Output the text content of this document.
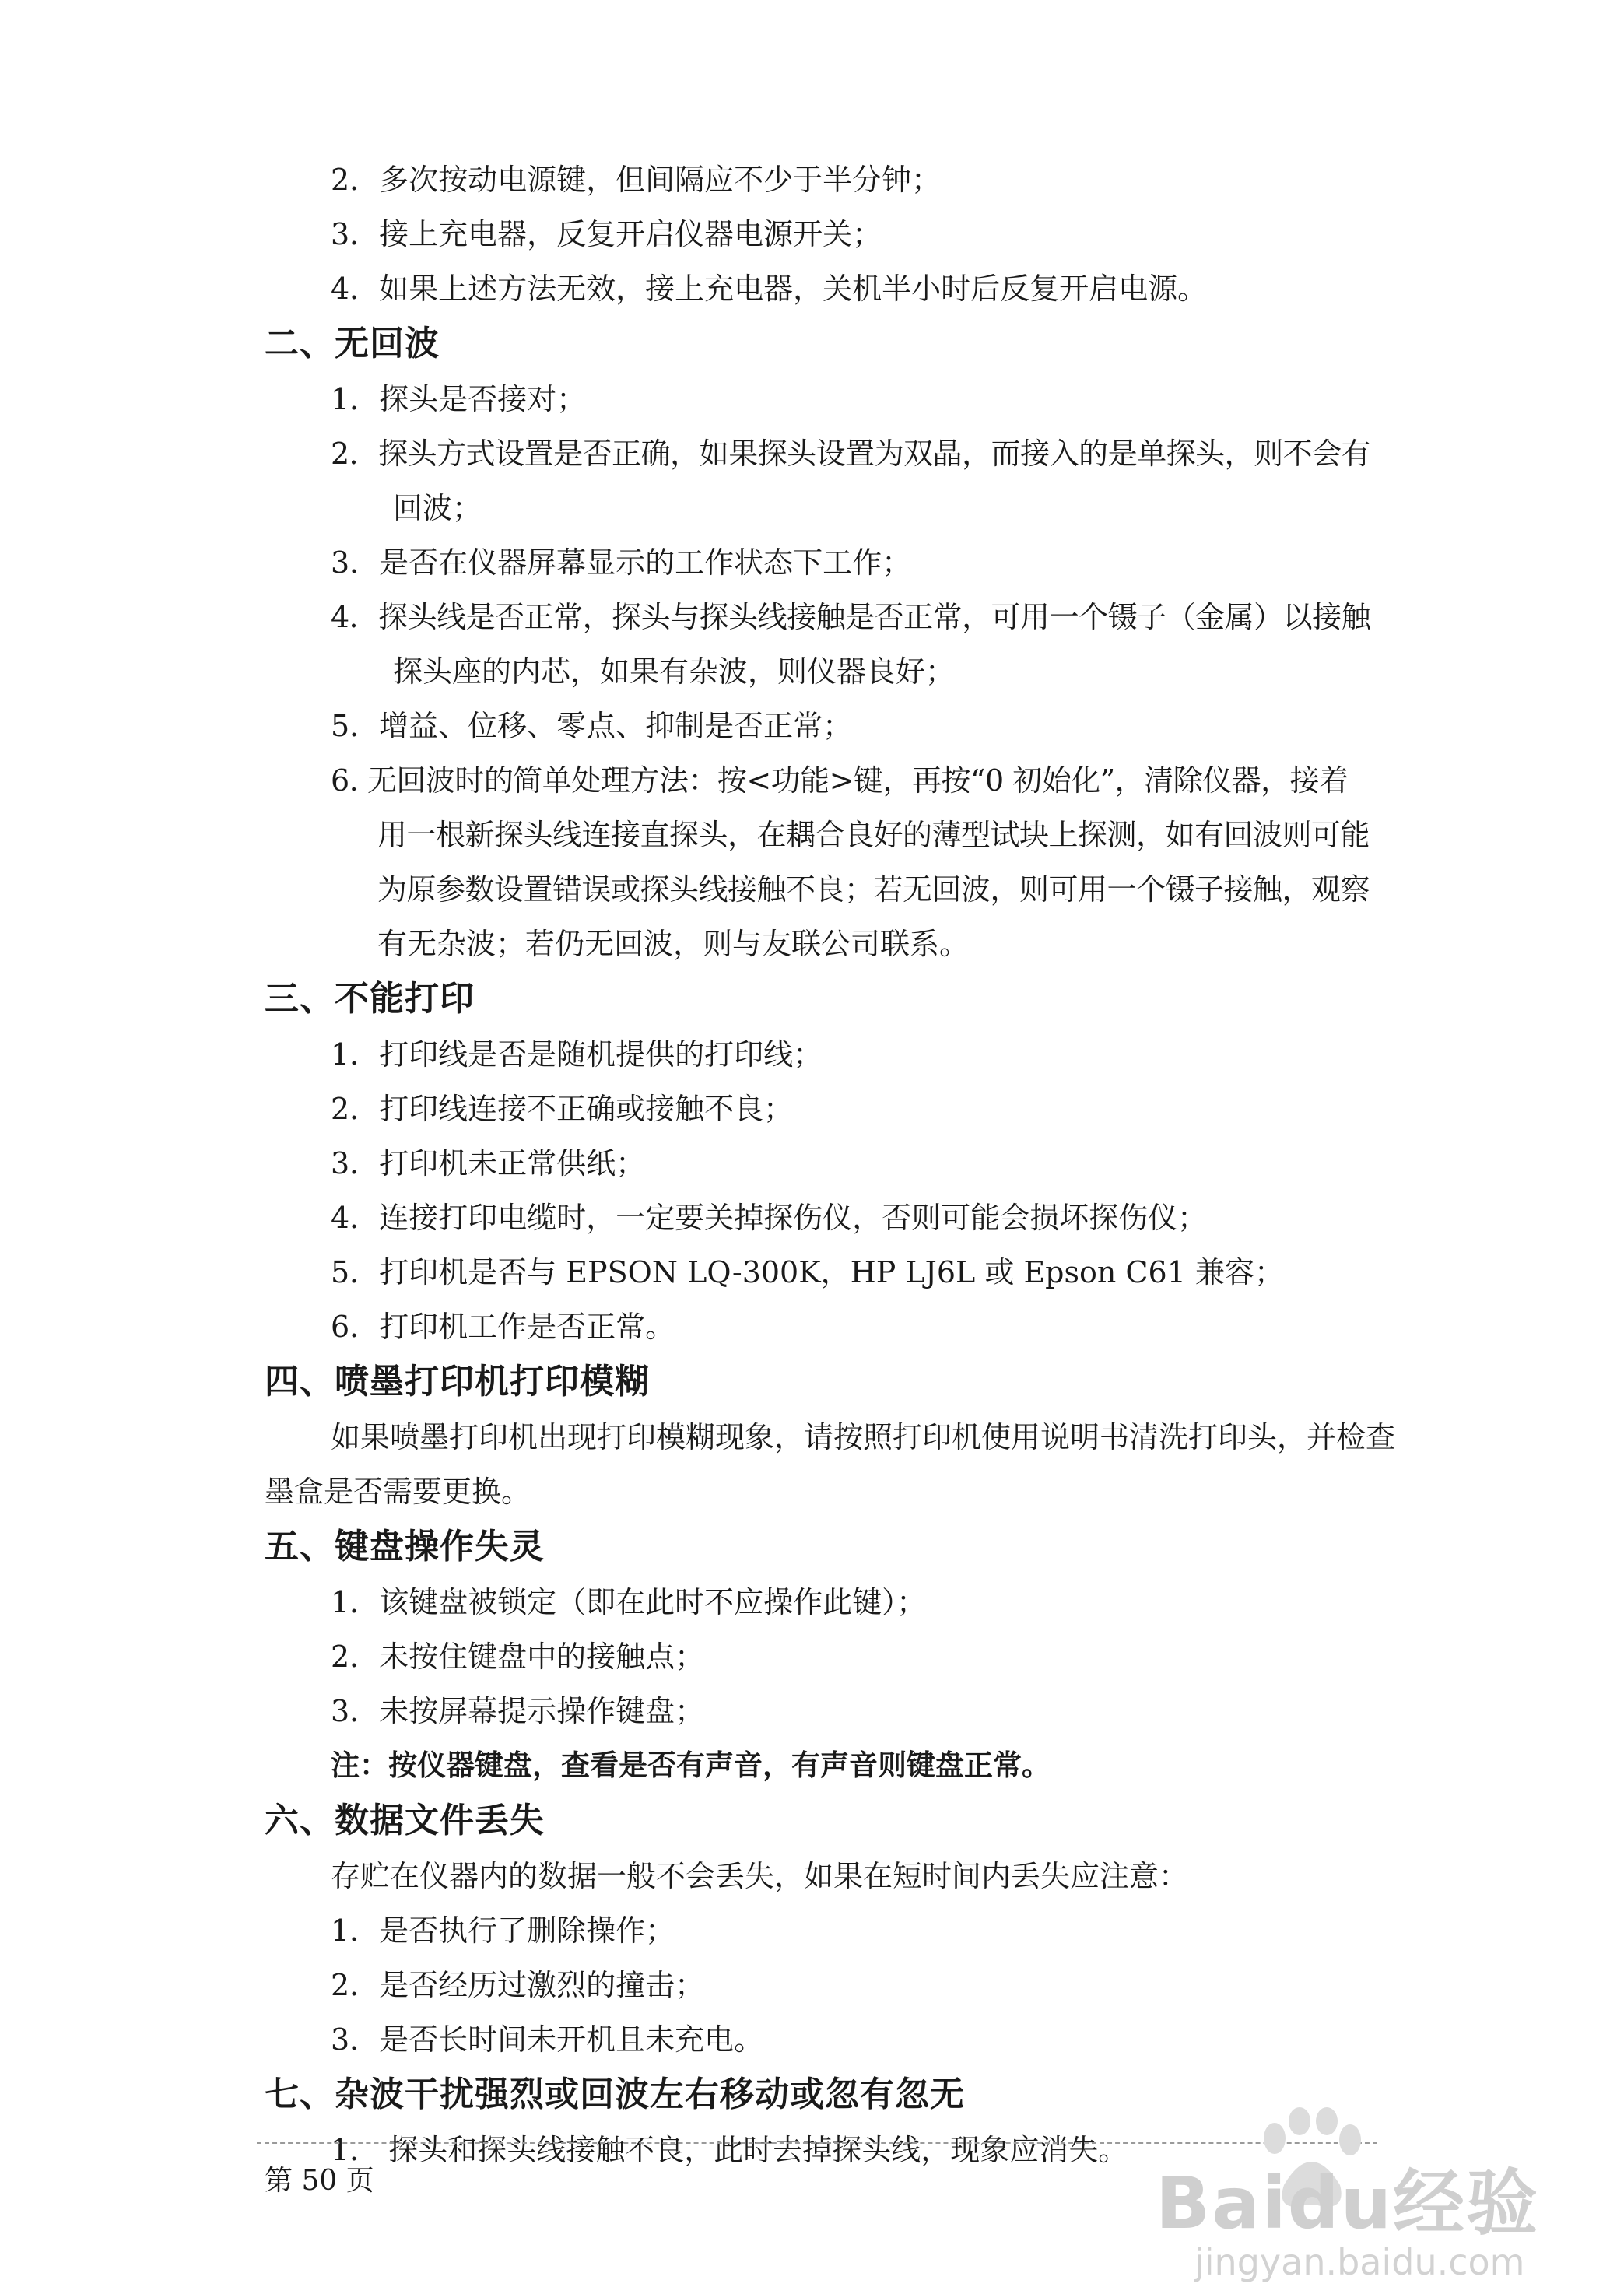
2．多次按动电源键，但间隔应不少于半分钟；
3．接上充电器，反复开启仪器电源开关；
4．如果上述方法无效，接上充电器，关机半小时后反复开启电源。
二、无回波
1．探头是否接对；
2．探头方式设置是否正确，如果探头设置为双晶，而接入的是单探头，则不会有
回波；
3．是否在仪器屏幕显示的工作状态下工作；
4．探头线是否正常，探头与探头线接触是否正常，可用一个镊子（金属）以接触
探头座的内芯，如果有杂波，则仪器良好；
5．增益、位移、零点、抑制是否正常；
6. 无回波时的简单处理方法：按<功能>键，再按“0 初始化”，清除仪器，接着
用一根新探头线连接直探头，在耦合良好的薄型试块上探测，如有回波则可能
为原参数设置错误或探头线接触不良；若无回波，则可用一个镊子接触，观察
有无杂波；若仍无回波，则与友联公司联系。
三、不能打印
1．打印线是否是随机提供的打印线；
2．打印线连接不正确或接触不良；
3．打印机未正常供纸；
4．连接打印电缆时，一定要关掉探伤仪，否则可能会损坏探伤仪；
5．打印机是否与 EPSON LQ-300K，HP LJ6L 或 Epson C61 兼容；
6．打印机工作是否正常。
四、喷墨打印机打印模糊
如果喷墨打印机出现打印模糊现象，请按照打印机使用说明书清洗打印头，并检查
墨盒是否需要更换。
五、键盘操作失灵
1．该键盘被锁定（即在此时不应操作此键）；
2．未按住键盘中的接触点；
3．未按屏幕提示操作键盘；
注：按仪器键盘，查看是否有声音，有声音则键盘正常。
六、数据文件丢失
存贮在仪器内的数据一般不会丢失，如果在短时间内丢失应注意：
1．是否执行了删除操作；
2．是否经历过激烈的撞击；
3．是否长时间未开机且未充电。
七、杂波干扰强烈或回波左右移动或忽有忽无
1． 探头和探头线接触不良，此时去掉探头线，现象应消失。
第 50 页	Baidu经验
jingyan.baidu.com
